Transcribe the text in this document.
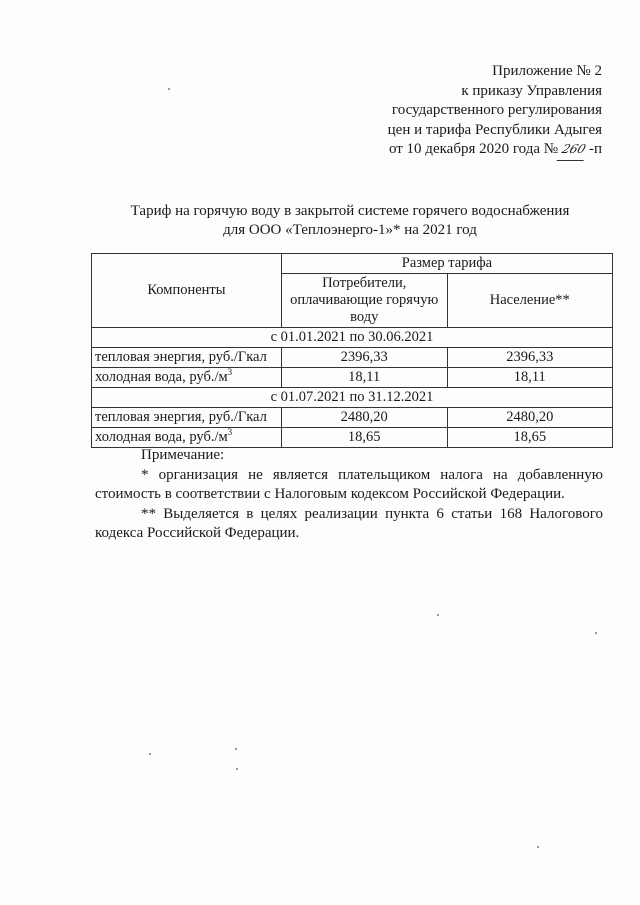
Приложение № 2
к приказу Управления
государственного регулирования
цен и тарифа Республики Адыгея
от 10 декабря 2020 года № 260-п
Тариф на горячую воду в закрытой системе горячего водоснабжения
для ООО «Теплоэнерго-1»* на 2021 год
Компоненты	Размер тарифа	
	Потребители, оплачивающие горячую воду	Население**
с 01.01.2021 по 30.06.2021		
тепловая энергия, руб./Гкал	2396,33	2396,33
холодная вода, $руб./м^3$	18,11	18,11
с 01.07.2021 по 31.12.2021		
тепловая энергия, руб./Гкал	2480,20	2480,20
холодная вода, $руб./м^3$	18,65	18,65

Примечание:

* организация не является плательщиком налога на добавленную стоимость в соответствии с Налоговым кодексом Российской Федерации.

** Выделяется в целях реализации пункта 6 статьи 168 Налогового кодекса Российской Федерации.
